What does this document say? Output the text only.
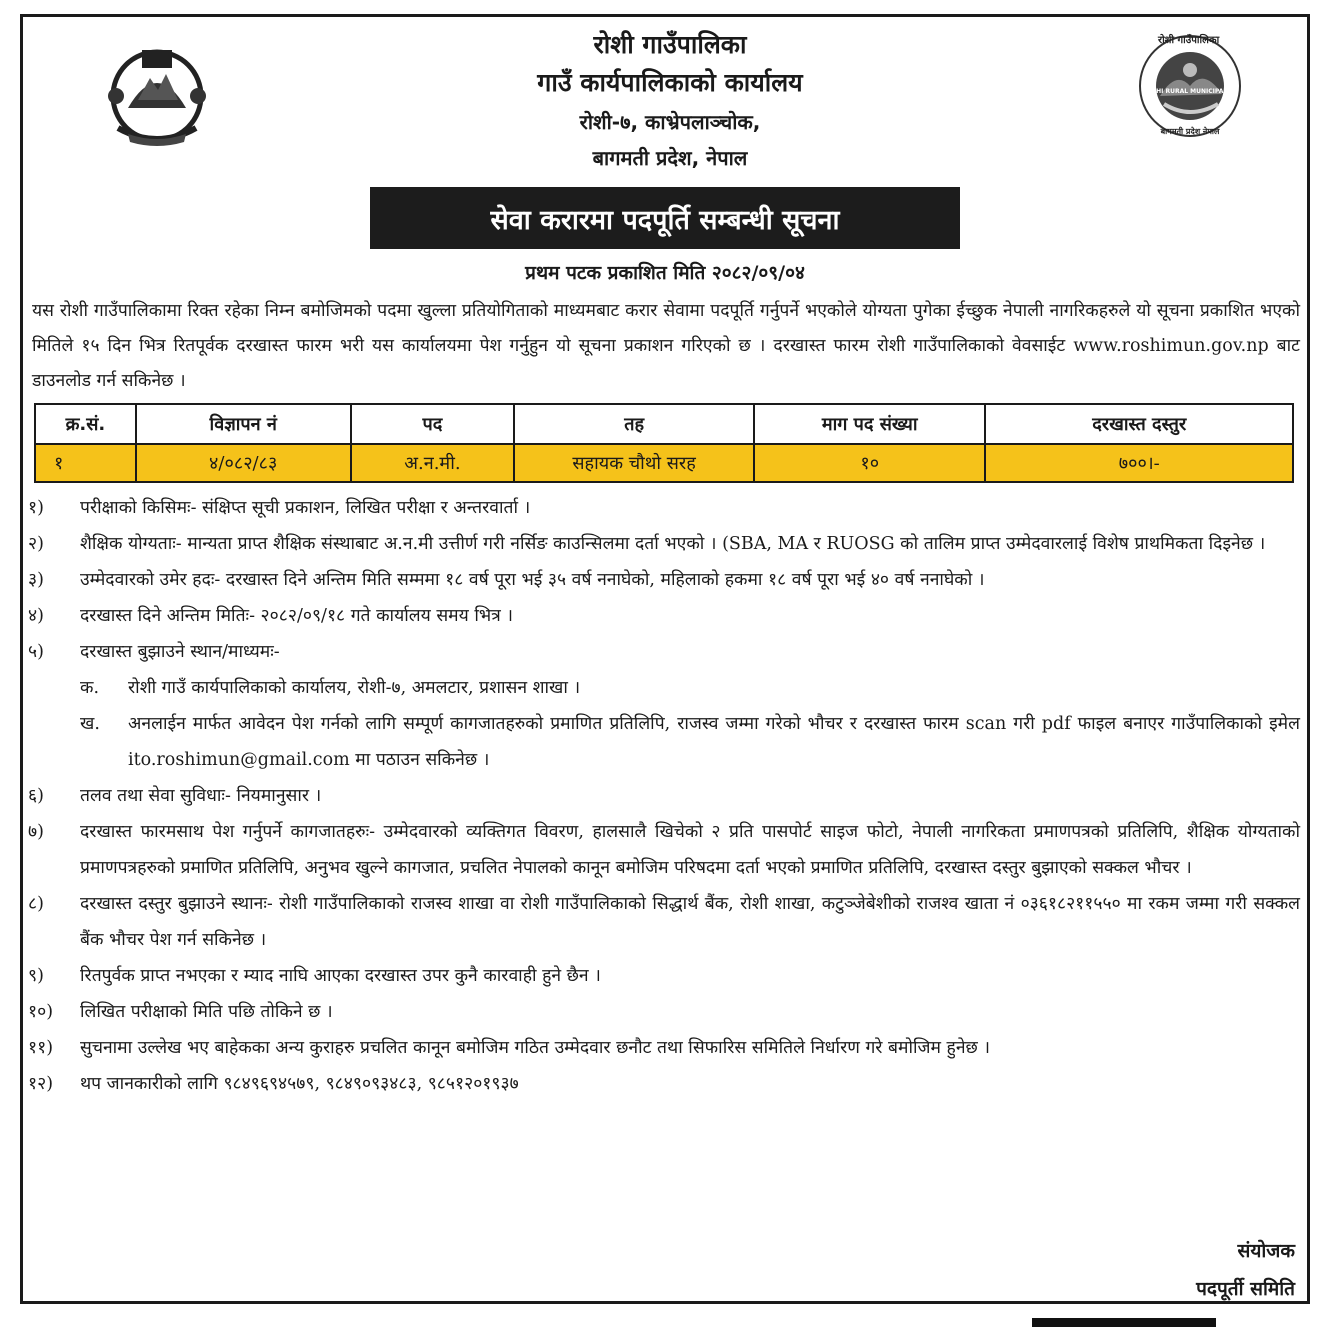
रोशी गाउँपालिका
ROSHI RURAL MUNICIPALITY
बागमती प्रदेश नेपाल
रोशी गाउँपालिका
गाउँ कार्यपालिकाको कार्यालय
रोशी-७, काभ्रेपलाञ्चोक,
बागमती प्रदेश, नेपाल
सेवा करारमा पदपूर्ति सम्बन्धी सूचना
प्रथम पटक प्रकाशित मिति २०८२/०९/०४
यस रोशी गाउँपालिकामा रिक्त रहेका निम्न बमोजिमको पदमा खुल्ला प्रतियोगिताको माध्यमबाट करार सेवामा पदपूर्ति गर्नुपर्ने भएकोले योग्यता पुगेका ईच्छुक नेपाली नागरिकहरुले यो सूचना प्रकाशित भएको मितिले १५ दिन भित्र रितपूर्वक दरखास्त फारम भरी यस कार्यालयमा पेश गर्नुहुन यो सूचना प्रकाशन गरिएको छ । दरखास्त फारम रोशी गाउँपालिकाको वेवसाईट www.roshimun.gov.np बाट डाउनलोड गर्न सकिनेछ ।
क्र.सं.	विज्ञापन नं	पद	तह	माग पद संख्या	दरखास्त दस्तुर
१	४/०८२/८३	अ.न.मी.	सहायक चौथो सरह	१०	७००।-
१)	परीक्षाको किसिमः- संक्षिप्त सूची प्रकाशन, लिखित परीक्षा र अन्तरवार्ता ।
२)	शैक्षिक योग्यताः- मान्यता प्राप्त शैक्षिक संस्थाबाट अ.न.मी उत्तीर्ण गरी नर्सिङ काउन्सिलमा दर्ता भएको । (SBA, MA र RUOSG को तालिम प्राप्त उम्मेदवारलाई विशेष प्राथमिकता दिइनेछ ।
३)	उम्मेदवारको उमेर हदः- दरखास्त दिने अन्तिम मिति सम्ममा १८ वर्ष पूरा भई ३५ वर्ष ननाघेको, महिलाको हकमा १८ वर्ष पूरा भई ४० वर्ष ननाघेको ।
४)	दरखास्त दिने अन्तिम मितिः- २०८२/०९/१८ गते कार्यालय समय भित्र ।
५)	दरखास्त बुझाउने स्थान/माध्यमः-
क.	रोशी गाउँ कार्यपालिकाको कार्यालय, रोशी-७, अमलटार, प्रशासन शाखा ।
ख.	अनलाईन मार्फत आवेदन पेश गर्नको लागि सम्पूर्ण कागजातहरुको प्रमाणित प्रतिलिपि, राजस्व जम्मा गरेको भौचर र दरखास्त फारम scan गरी pdf फाइल बनाएर गाउँपालिकाको इमेल ito.roshimun@gmail.com मा पठाउन सकिनेछ ।
६)	तलव तथा सेवा सुविधाः- नियमानुसार ।
७)	दरखास्त फारमसाथ पेश गर्नुपर्ने कागजातहरुः- उम्मेदवारको व्यक्तिगत विवरण, हालसालै खिचेको २ प्रति पासपोर्ट साइज फोटो, नेपाली नागरिकता प्रमाणपत्रको प्रतिलिपि, शैक्षिक योग्यताको प्रमाणपत्रहरुको प्रमाणित प्रतिलिपि, अनुभव खुल्ने कागजात, प्रचलित नेपालको कानून बमोजिम परिषदमा दर्ता भएको प्रमाणित प्रतिलिपि, दरखास्त दस्तुर बुझाएको सक्कल भौचर ।
८)	दरखास्त दस्तुर बुझाउने स्थानः- रोशी गाउँपालिकाको राजस्व शाखा वा रोशी गाउँपालिकाको सिद्धार्थ बैंक, रोशी शाखा, कटुञ्जेबेशीको राजश्व खाता नं ०३६१८२११५५० मा रकम जम्मा गरी सक्कल बैंक भौचर पेश गर्न सकिनेछ ।
९)	रितपुर्वक प्राप्त नभएका र म्याद नाघि आएका दरखास्त उपर कुनै कारवाही हुने छैन ।
१०)	लिखित परीक्षाको मिति पछि तोकिने छ ।
११)	सुचनामा उल्लेख भए बाहेकका अन्य कुराहरु प्रचलित कानून बमोजिम गठित उम्मेदवार छनौट तथा सिफारिस समितिले निर्धारण गरे बमोजिम हुनेछ ।
१२)	थप जानकारीको लागि ९८४९६९४५७९, ९८४९०९३४८३, ९८५१२०१९३७
संयोजक
पदपूर्ती समिति
